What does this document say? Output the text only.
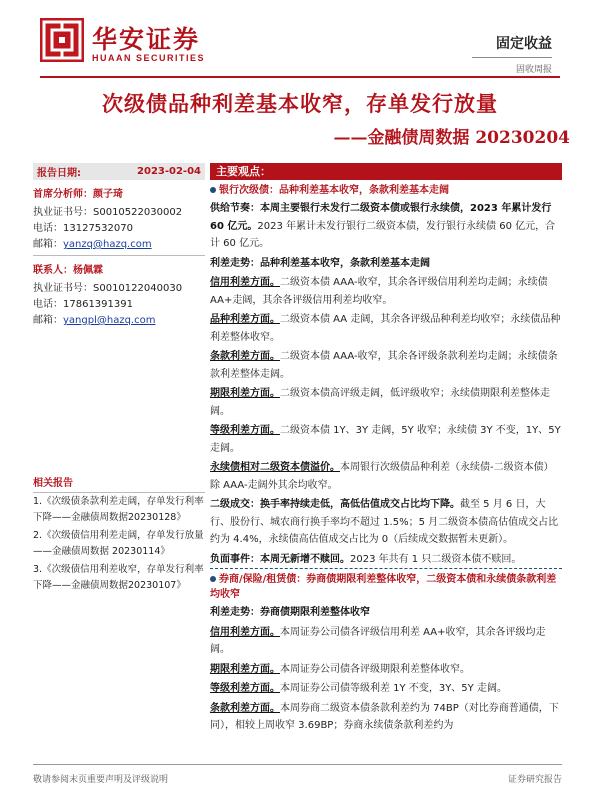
华安证券
HUAAN SECURITIES
固定收益
固收周报
次级债品种利差基本收窄，存单发行放量
——金融债周数据 20230204
报告日期:	2023-02-04
首席分析师：颜子琦
执业证书号：S0010522030002
电话：13127532070
邮箱：yanzq@hazq.com
联系人：杨佩霖
执业证书号：S0010122040030
电话：17861391391
邮箱：yangpl@hazq.com
相关报告
1.《次级债条款利差走阔，存单发行利率下降——金融债周数据20230128》
2.《次级债信用利差走阔，存单发行放量——金融债周数据 20230114》
3.《次级债信用利差收窄，存单发行利率下降——金融债周数据20230107》
主要观点：
银行次级债：品种利差基本收窄，条款利差基本走阔
供给节奏：本周主要银行未发行二级资本债或银行永续债，2023 年累计发行 60 亿元。2023 年累计未发行银行二级资本债，发行银行永续债 60 亿元，合计 60 亿元。
利差走势：品种利差基本收窄，条款利差基本走阔
信用利差方面。二级资本债 AAA-收窄，其余各评级信用利差均走阔；永续债 AA+走阔，其余各评级信用利差均收窄。
品种利差方面。二级资本债 AA 走阔，其余各评级品种利差均收窄；永续债品种利差整体收窄。
条款利差方面。二级资本债 AAA-收窄，其余各评级条款利差均走阔；永续债条款利差整体走阔。
期限利差方面。二级资本债高评级走阔，低评级收窄；永续债期限利差整体走阔。
等级利差方面。二级资本债 1Y、3Y 走阔，5Y 收窄；永续债 3Y 不变，1Y、5Y 走阔。
永续债相对二级资本债溢价。本周银行次级债品种利差（永续债-二级资本债）除 AAA-走阔外其余均收窄。
二级成交：换手率持续走低，高低估值成交占比均下降。截至 5 月 6 日，大行、股份行、城农商行换手率均不超过 1.5%；5 月二级资本债高估值成交占比约为 4.4%，永续债高估值成交占比为 0（后续成交数据暂未更新）。
负面事件：本周无新增不赎回。2023 年共有 1 只二级资本债不赎回。
券商/保险/租赁债：券商债期限利差整体收窄，二级资本债和永续债条款利差均收窄
利差走势：券商债期限利差整体收窄
信用利差方面。本周证券公司债各评级信用利差 AA+收窄，其余各评级均走阔。
期限利差方面。本周证券公司债各评级期限利差整体收窄。
等级利差方面。本周证券公司债等级利差 1Y 不变，3Y、5Y 走阔。
条款利差方面。本周券商二级资本债条款利差约为 74BP（对比券商普通债，下同），相较上周收窄 3.69BP；券商永续债条款利差约为
敬请参阅末页重要声明及评级说明	证券研究报告
